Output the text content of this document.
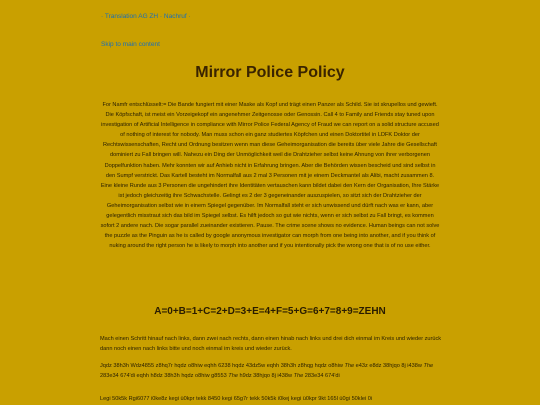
· Translation AG ZH · Nachruf ·
Skip to main content
Mirror Police Policy

For Namfr entschlüsselt:= Die Bande fungiert mit einer Maske als Kopf und trägt einen Panzer als Schild. Sie ist skrupellos und gewieft. Die Köpfschaft, ist meist ein Vorzeigekopf ein angenehmer Zeitgenosse oder Genossin. Call 4 to Family and Friends stay tuned upon investigation of Artificial Intelligence in compliance with Mirror Police Federal Agency of Fraud we can report on a solid structure accused of nothing of interest for nobody. Man muss schon ein ganz studiertes Köpfchen und einen Doktortitel in LDFK Doktor der Rechtswissenschaften, Recht und Ordnung besitzen wenn man diese Geheimorganisation die bereits über viele Jahre die Gesellschaft dominiert zu Fall bringen will. Nahezu ein Ding der Unmöglichkeit weil die Drahtzieher selbst keine Ahnung von ihrer verborgenen Doppelfunktion haben. Mehr konnten wir auf Anhieb nicht in Erfahrung bringen. Aber die Behörden wissen bescheid und sind selbst in den Sumpf verstrickt. Das Kartell besteht im Normalfall aus 2 mal 3 Personen mit je einem Deckmantel als Alibi, macht zusammen 8. Eine kleine Runde aus 3 Personen die ungehindert ihre Identitäten vertauschen kann bildet dabei den Kern der Organisation, Ihre Stärke ist jedoch gleichzeitig ihre Schwachstelle. Gelingt es 2 der 3 gegeneinander auszuspielen, so sitzt sich der Drahtzieher der Geheimorganisation selbst wie in einem Spiegel gegenüber. Im Normalfall steht er sich unwissend und dürft nach was er kann, aber gelegentlich misstraut sich das bild im Spiegel selbst. Es hilft jedoch so gut wie nichts, wenn er sich selbst zu Fall bringt, es kommen sofort 2 andere nach. Die sogar parallel zueinander existieren. Pause. The crime scene shows no evidence. Human beings can not solve the puzzle as the Pinguin as he is called by google anonymous investigator can morph from one being into another, and if you think of nuking around the right person he is likely to morph into another and if you intentionally pick the wrong one that is of no use either.

A=0+B=1+C=2+D=3+E=4+F=5+G=6+7=8+9=ZEHN

Mach einen Schritt hinauf nach links, dann zwei nach rechts, dann einen hinab nach links und drei dich einmal im Kreis und wieder zurück dann noch einen nach links bitte und noch einmal im kreis und wieder zurück.

Jqdz 38h3h Wdz4855 z8hq7r hqdz o8hiw eqhh 6238 hqdz 43dz5w eqhh 38h3h z8hqg hqdz o8hiw The e43z e8dz 38hjqo 8j i438w The 283e34 674'di eqhh h8dz 38h3h hqdz o8hiw g8553 The h9dz 38hjqo 8j i438w The 283e34 674'di

Legi 50k5k Rgi6077 i0ke8z kegi ü0kpr tekk 8450 kegi 65g7r tekk 50k5k i0kej kegi ü0kpr 9kt 165l ü0gi 50klei 0i
